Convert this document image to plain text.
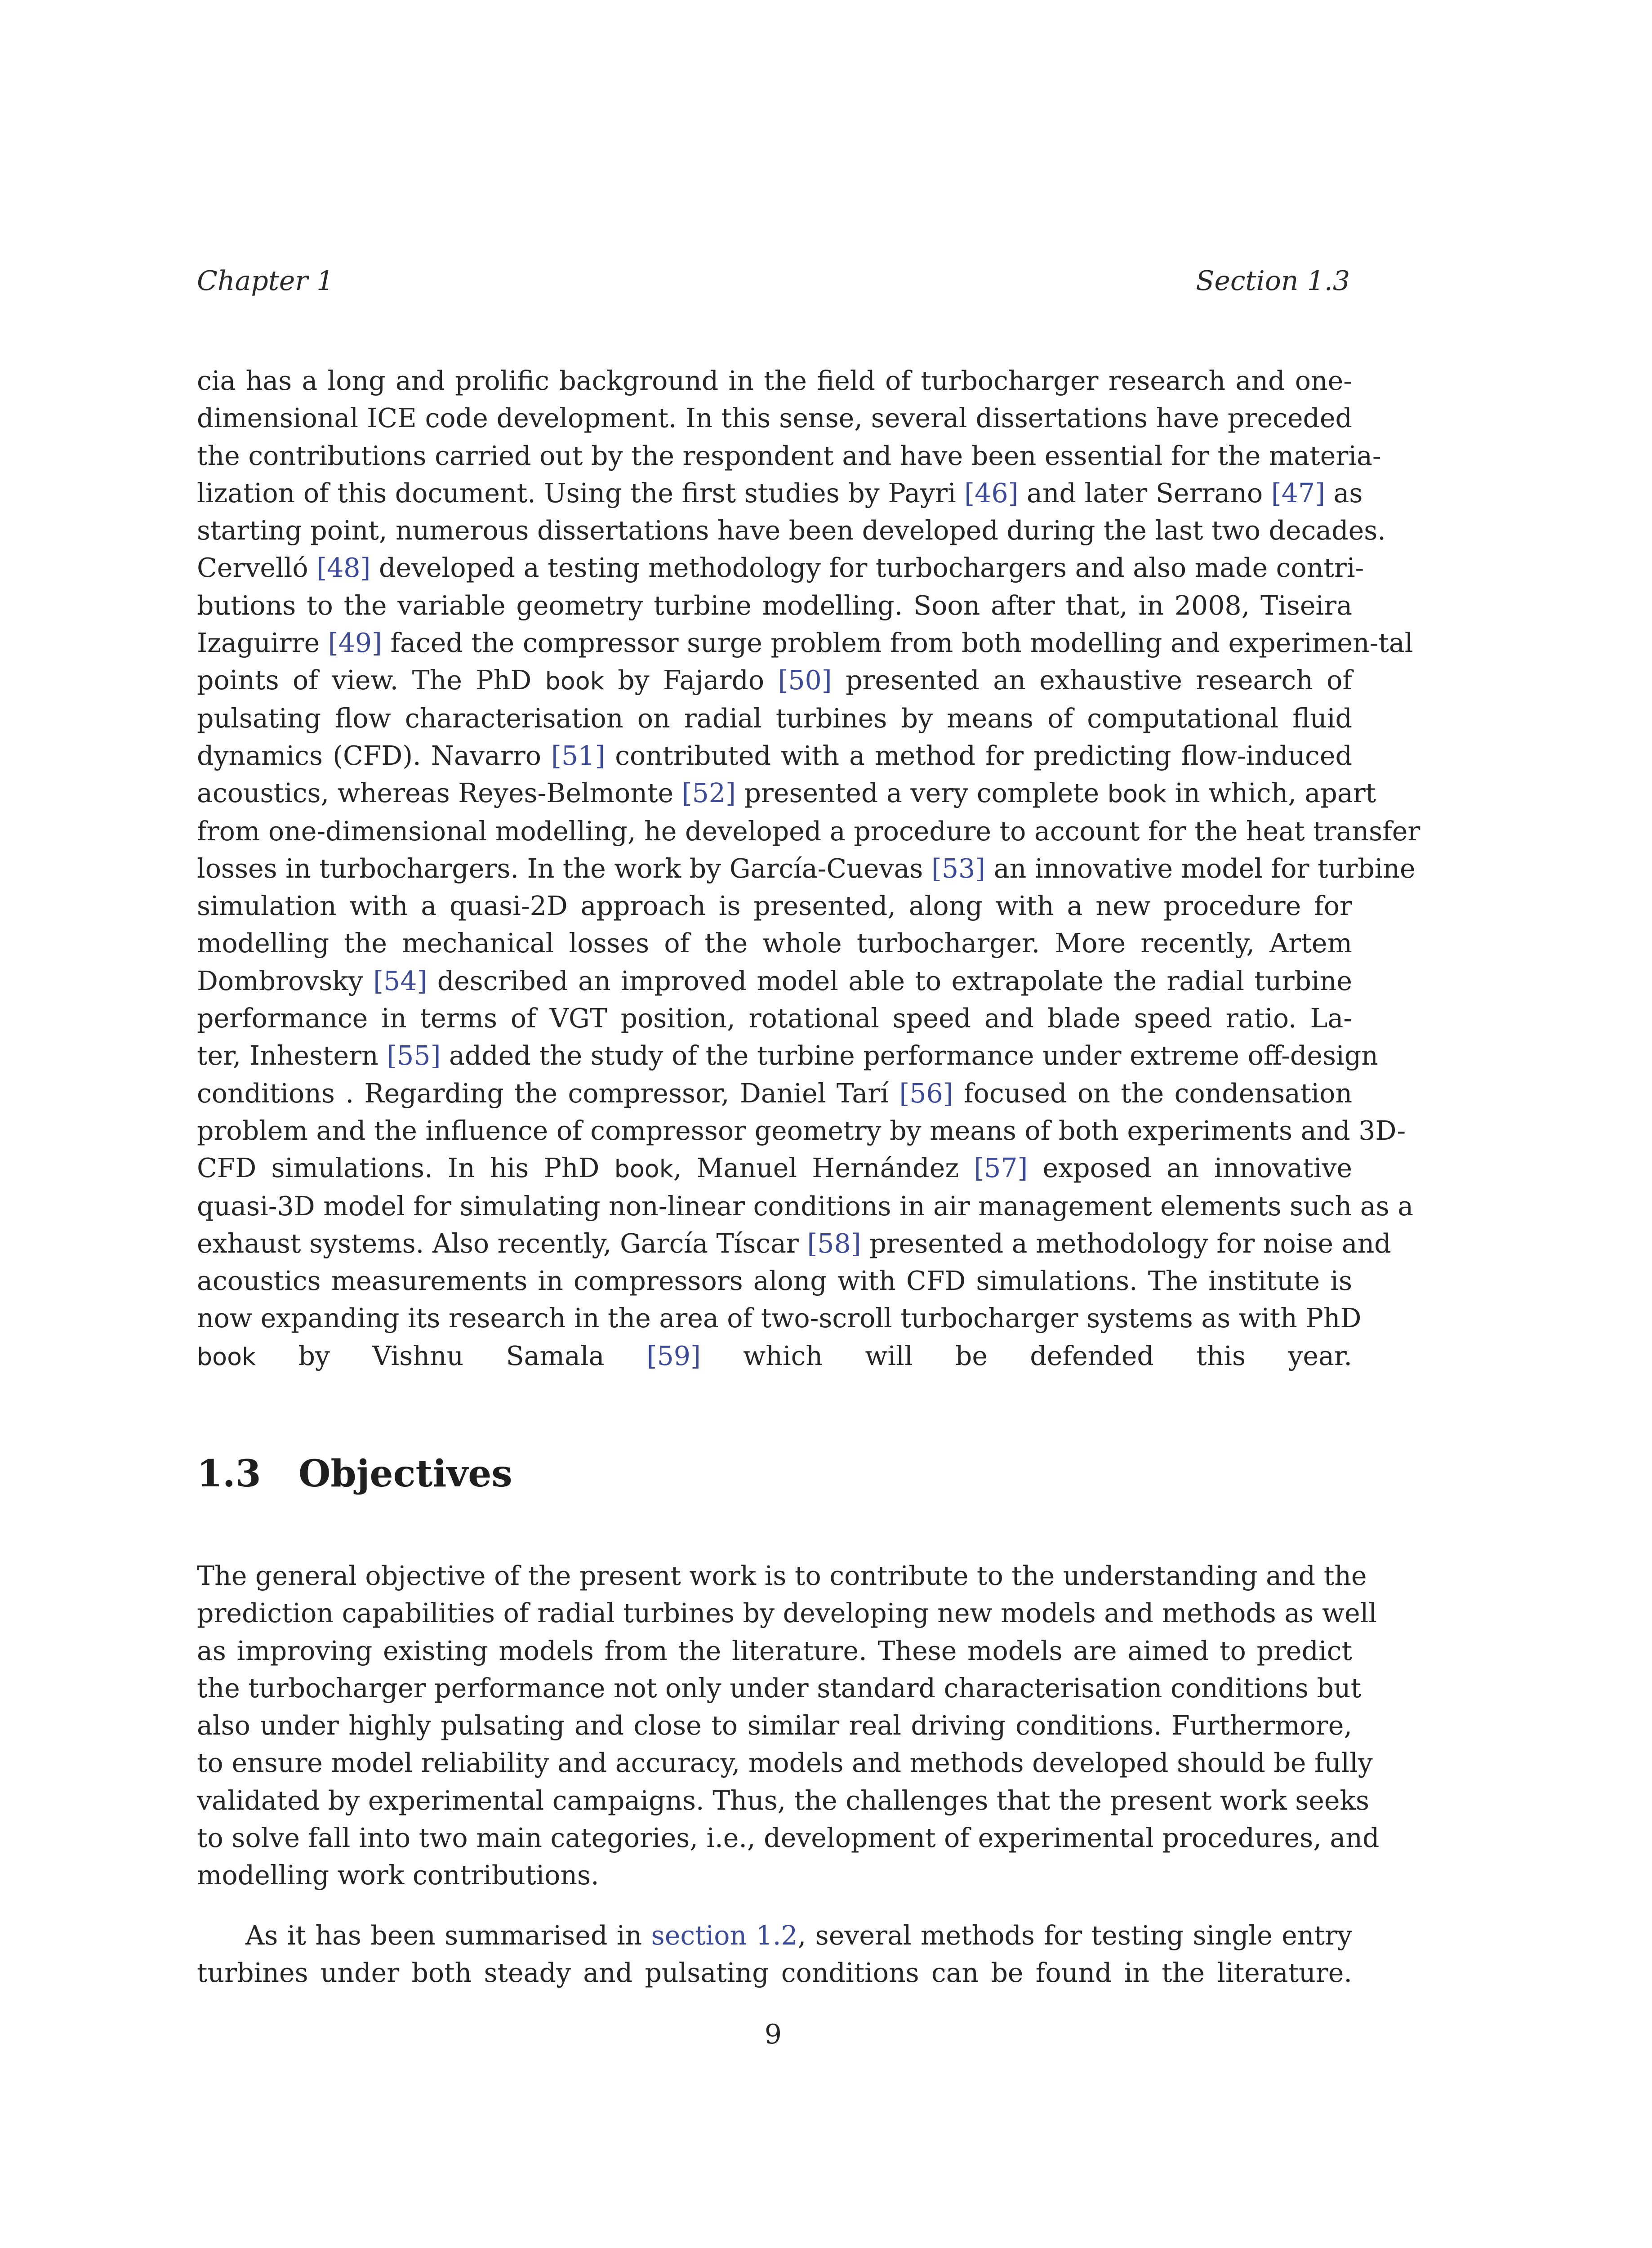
Chapter 1	Section 1.3
cia has a long and prolific background in the field of turbocharger research and one-
dimensional ICE code development. In this sense, several dissertations have preceded
the contributions carried out by the respondent and have been essential for the materia-
lization of this document. Using the first studies by Payri [46] and later Serrano [47] as
starting point, numerous dissertations have been developed during the last two decades.
Cervelló [48] developed a testing methodology for turbochargers and also made contri-
butions to the variable geometry turbine modelling. Soon after that, in 2008, Tiseira
Izaguirre [49] faced the compressor surge problem from both modelling and experimen-tal
points of view. The PhD book by Fajardo [50] presented an exhaustive research of
pulsating flow characterisation on radial turbines by means of computational fluid
dynamics (CFD). Navarro [51] contributed with a method for predicting flow-induced
acoustics, whereas Reyes-Belmonte [52] presented a very complete book in which, apart
from one-dimensional modelling, he developed a procedure to account for the heat transfer
losses in turbochargers. In the work by García-Cuevas [53] an innovative model for turbine
simulation with a quasi-2D approach is presented, along with a new procedure for
modelling the mechanical losses of the whole turbocharger. More recently, Artem
Dombrovsky [54] described an improved model able to extrapolate the radial turbine
performance in terms of VGT position, rotational speed and blade speed ratio. La-
ter, Inhestern [55] added the study of the turbine performance under extreme off-design
conditions . Regarding the compressor, Daniel Tarí [56] focused on the condensation
problem and the influence of compressor geometry by means of both experiments and 3D-
CFD simulations. In his PhD book, Manuel Hernández [57] exposed an innovative
quasi-3D model for simulating non-linear conditions in air management elements such as a
exhaust systems. Also recently, García Tíscar [58] presented a methodology for noise and
acoustics measurements in compressors along with CFD simulations. The institute is
now expanding its research in the area of two-scroll turbocharger systems as with PhD
book by Vishnu Samala [59] which will be defended this year.
1.3 Objectives
The general objective of the present work is to contribute to the understanding and the
prediction capabilities of radial turbines by developing new models and methods as well
as improving existing models from the literature. These models are aimed to predict
the turbocharger performance not only under standard characterisation conditions but
also under highly pulsating and close to similar real driving conditions. Furthermore,
to ensure model reliability and accuracy, models and methods developed should be fully
validated by experimental campaigns. Thus, the challenges that the present work seeks
to solve fall into two main categories, i.e., development of experimental procedures, and
modelling work contributions.
As it has been summarised in section 1.2, several methods for testing single entry
turbines under both steady and pulsating conditions can be found in the literature.
9
